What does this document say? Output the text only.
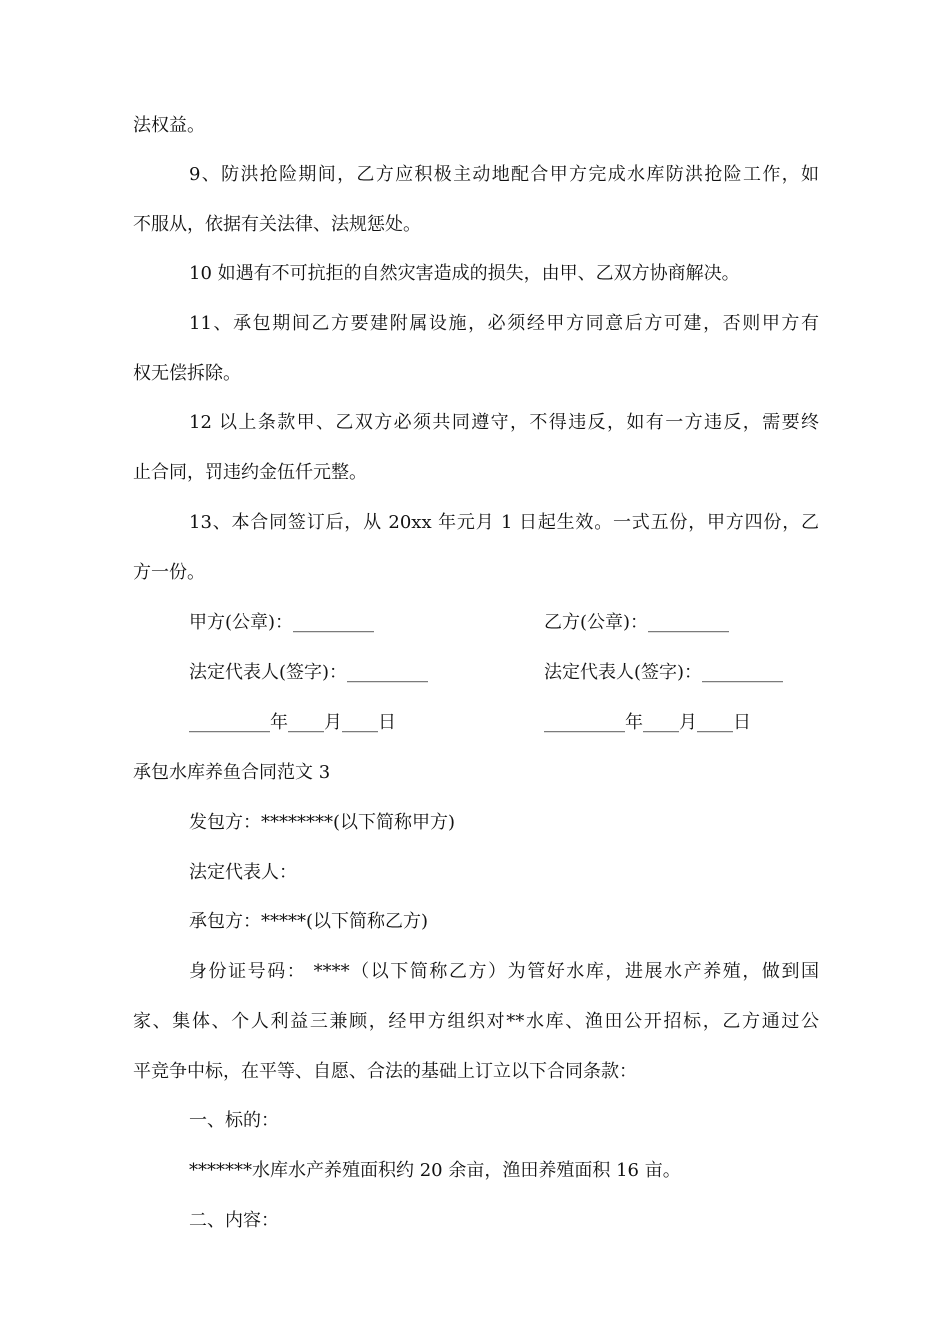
法权益。
9、防洪抢险期间，乙方应积极主动地配合甲方完成水库防洪抢险工作，如
不服从，依据有关法律、法规惩处。
10 如遇有不可抗拒的自然灾害造成的损失，由甲、乙双方协商解决。
11、承包期间乙方要建附属设施，必须经甲方同意后方可建，否则甲方有
权无偿拆除。
12 以上条款甲、乙双方必须共同遵守，不得违反，如有一方违反，需要终
止合同，罚违约金伍仟元整。
13、本合同签订后，从 20xx 年元月 1 日起生效。一式五份，甲方四份，乙
方一份。
甲方(公章)：_________	乙方(公章)：_________
法定代表人(签字)：_________	法定代表人(签字)：_________
_________年____月____日	_________年____月____日
承包水库养鱼合同范文 3
发包方：********(以下简称甲方)
法定代表人：
承包方：*****(以下简称乙方)
身份证号码： ****（以下简称乙方）为管好水库，进展水产养殖，做到国
家、集体、个人利益三兼顾，经甲方组织对**水库、渔田公开招标，乙方通过公
平竞争中标，在平等、自愿、合法的基础上订立以下合同条款：
一、标的：
*******水库水产养殖面积约 20 余亩，渔田养殖面积 16 亩。
二、内容：
